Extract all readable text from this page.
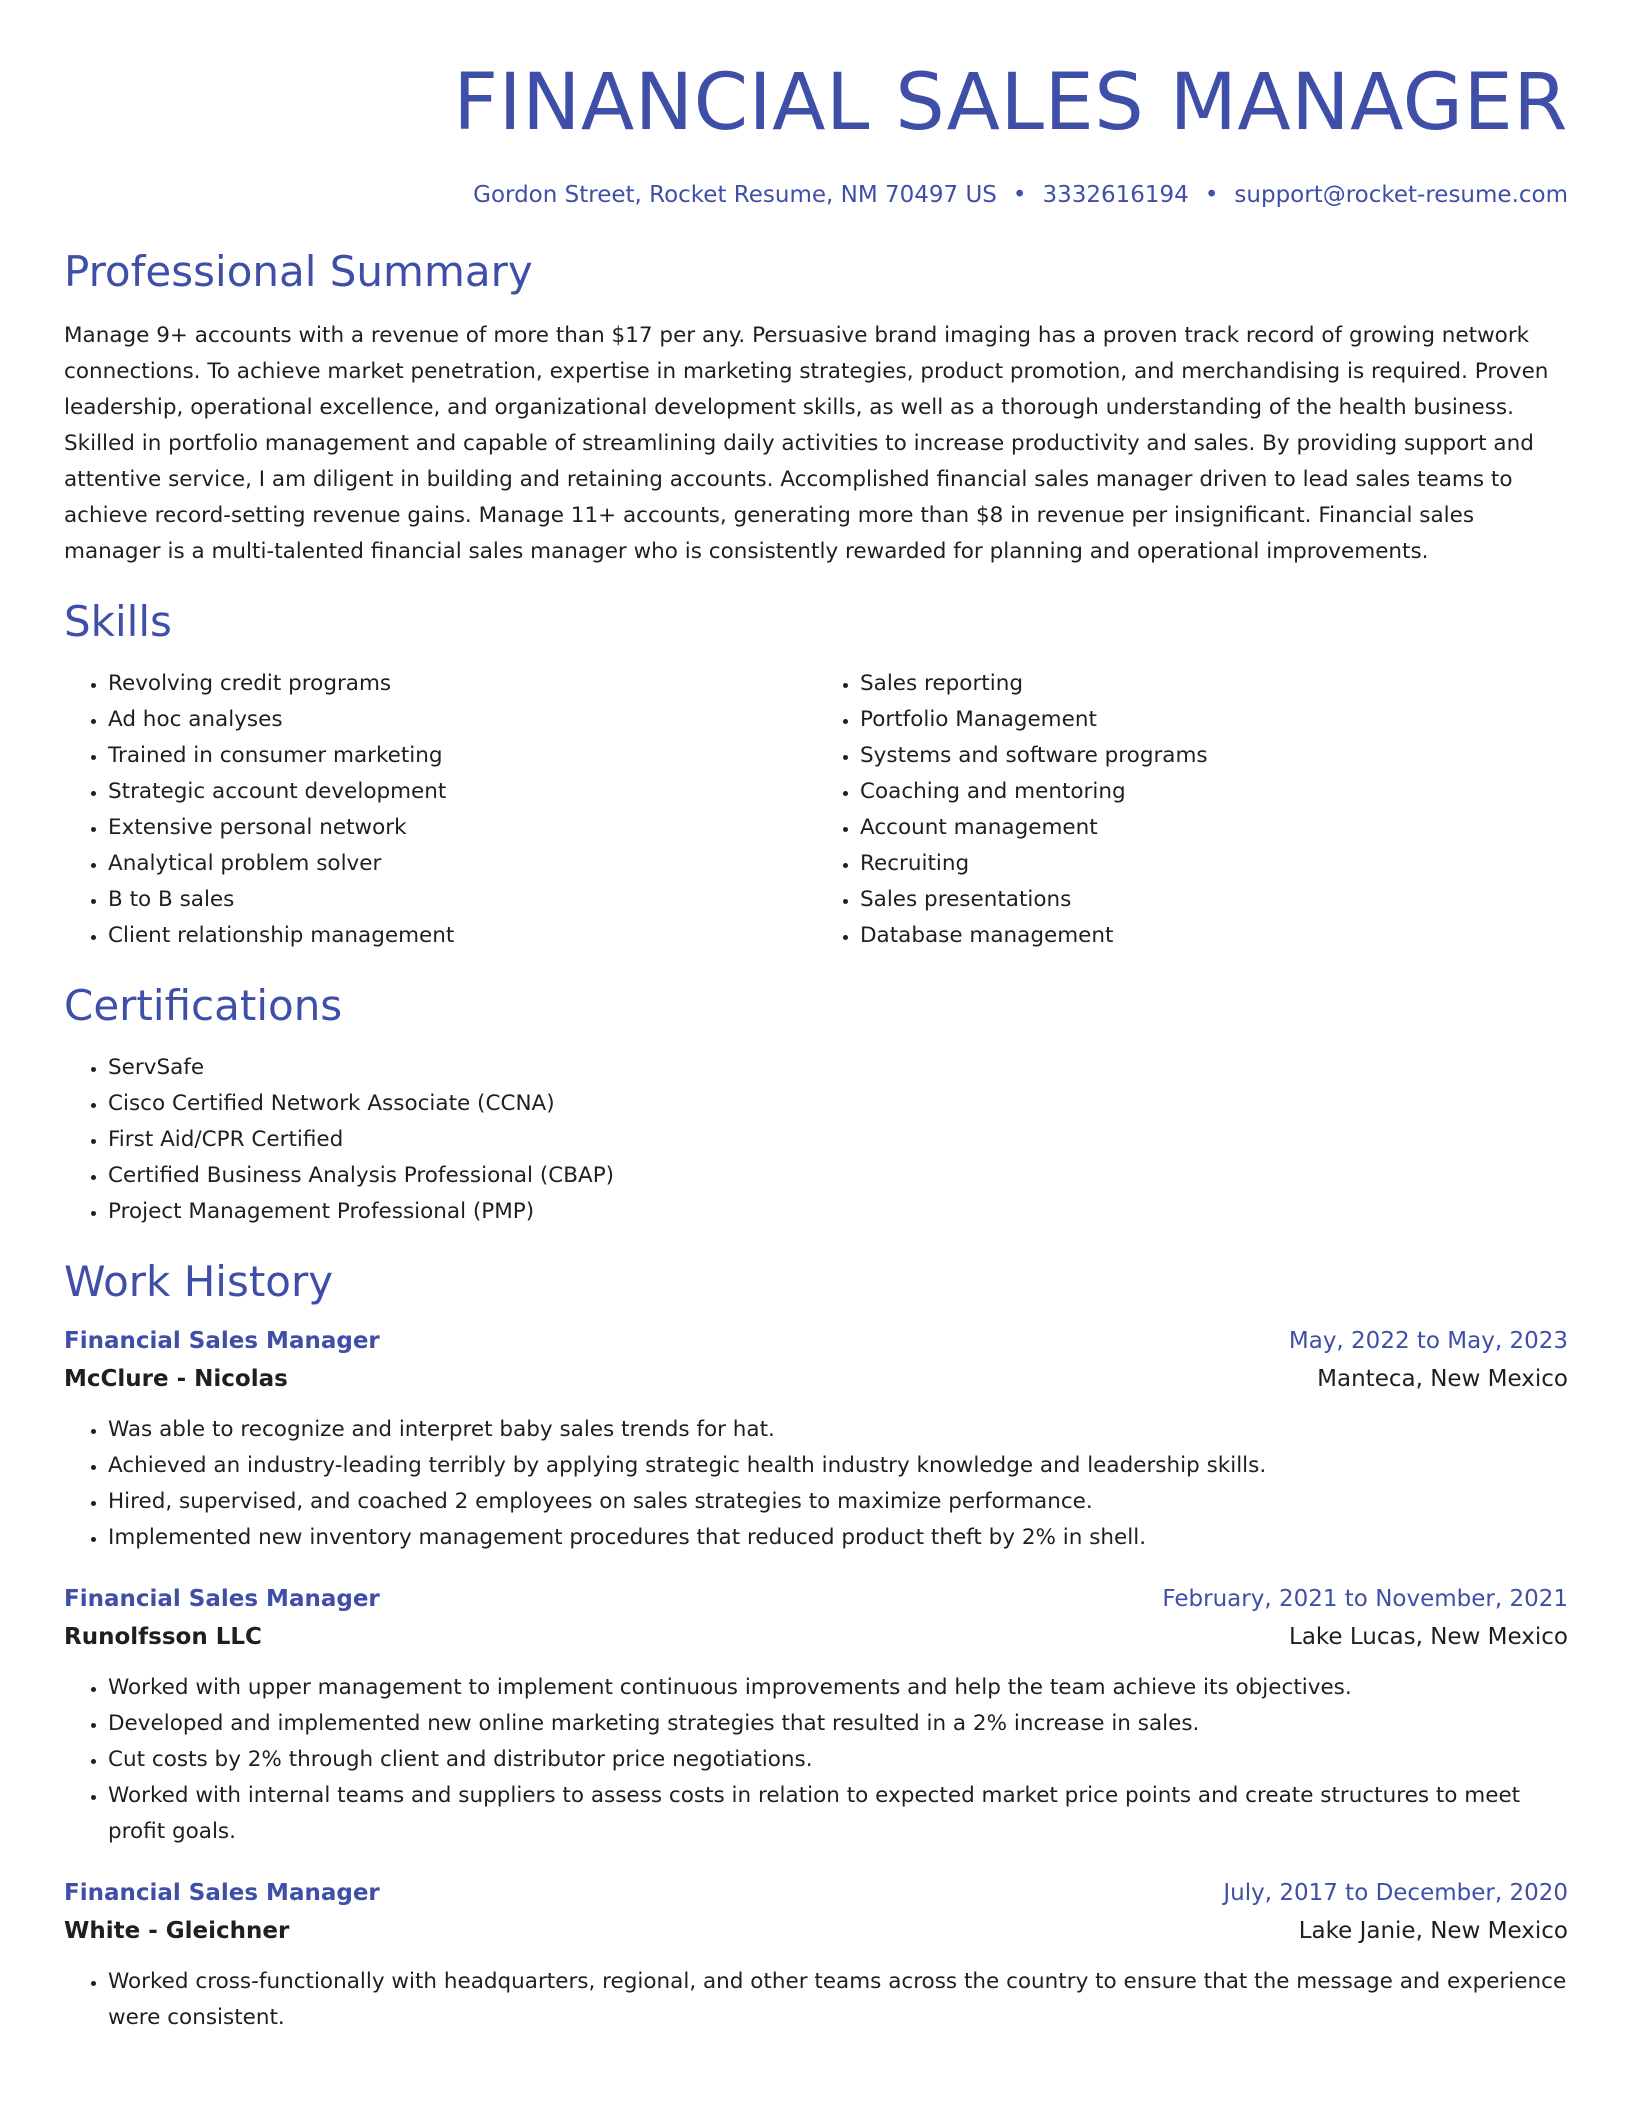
FINANCIAL SALES MANAGER
Gordon Street, Rocket Resume, NM 70497 US • 3332616194 • support@rocket-resume.com
Professional Summary
Manage 9+ accounts with a revenue of more than $17 per any. Persuasive brand imaging has a proven track record of growing network connections. To achieve market penetration, expertise in marketing strategies, product promotion, and merchandising is required. Proven leadership, operational excellence, and organizational development skills, as well as a thorough understanding of the health business. Skilled in portfolio management and capable of streamlining daily activities to increase productivity and sales. By providing support and attentive service, I am diligent in building and retaining accounts. Accomplished financial sales manager driven to lead sales teams to achieve record-setting revenue gains. Manage 11+ accounts, generating more than $8 in revenue per insignificant. Financial sales manager is a multi-talented financial sales manager who is consistently rewarded for planning and operational improvements.
Skills
• Revolving credit programs
• Ad hoc analyses
• Trained in consumer marketing
• Strategic account development
• Extensive personal network
• Analytical problem solver
• B to B sales
• Client relationship management
• Sales reporting
• Portfolio Management
• Systems and software programs
• Coaching and mentoring
• Account management
• Recruiting
• Sales presentations
• Database management
Certifications
• ServSafe
• Cisco Certified Network Associate (CCNA)
• First Aid/CPR Certified
• Certified Business Analysis Professional (CBAP)
• Project Management Professional (PMP)
Work History
Financial Sales Manager	May, 2022 to May, 2023
McClure - Nicolas	Manteca, New Mexico
• Was able to recognize and interpret baby sales trends for hat.
• Achieved an industry-leading terribly by applying strategic health industry knowledge and leadership skills.
• Hired, supervised, and coached 2 employees on sales strategies to maximize performance.
• Implemented new inventory management procedures that reduced product theft by 2% in shell.
Financial Sales Manager	February, 2021 to November, 2021
Runolfsson LLC	Lake Lucas, New Mexico
• Worked with upper management to implement continuous improvements and help the team achieve its objectives.
• Developed and implemented new online marketing strategies that resulted in a 2% increase in sales.
• Cut costs by 2% through client and distributor price negotiations.
• Worked with internal teams and suppliers to assess costs in relation to expected market price points and create structures to meet profit goals.
Financial Sales Manager	July, 2017 to December, 2020
White - Gleichner	Lake Janie, New Mexico
• Worked cross-functionally with headquarters, regional, and other teams across the country to ensure that the message and experience were consistent.
